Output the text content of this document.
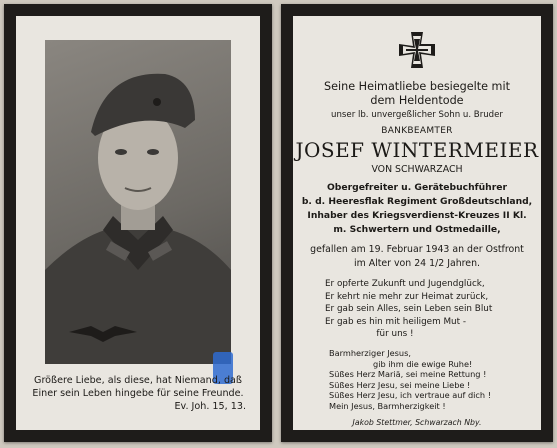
Größere Liebe, als diese, hat Niemand, daß
Einer sein Leben hingebe für seine Freunde.
Ev. Joh. 15, 13.
Seine Heimatliebe besiegelte mit
dem Heldentode
unser lb. unvergeßlicher Sohn u. Bruder
BANKBEAMTER
JOSEF WINTERMEIER
VON SCHWARZACH
Obergefreiter u. Gerätebuchführer
b. d. Heeresflak Regiment Großdeutschland,
Inhaber des Kriegsverdienst-Kreuzes II Kl.
m. Schwertern und Ostmedaille,
gefallen am 19. Februar 1943 an der Ostfront
im Alter von 24 1/2 Jahren.
Er opferte Zukunft und Jugendglück,
Er kehrt nie mehr zur Heimat zurück,
Er gab sein Alles, sein Leben sein Blut
Er gab es hin mit heiligem Mut -
für uns !
Barmherziger Jesus,
gib ihm die ewige Ruhe!
Süßes Herz Mariä, sei meine Rettung !
Süßes Herz Jesu, sei meine Liebe !
Süßes Herz Jesu, ich vertraue auf dich !
Mein Jesus, Barmherzigkeit !
Jakob Stettmer, Schwarzach Nby.
